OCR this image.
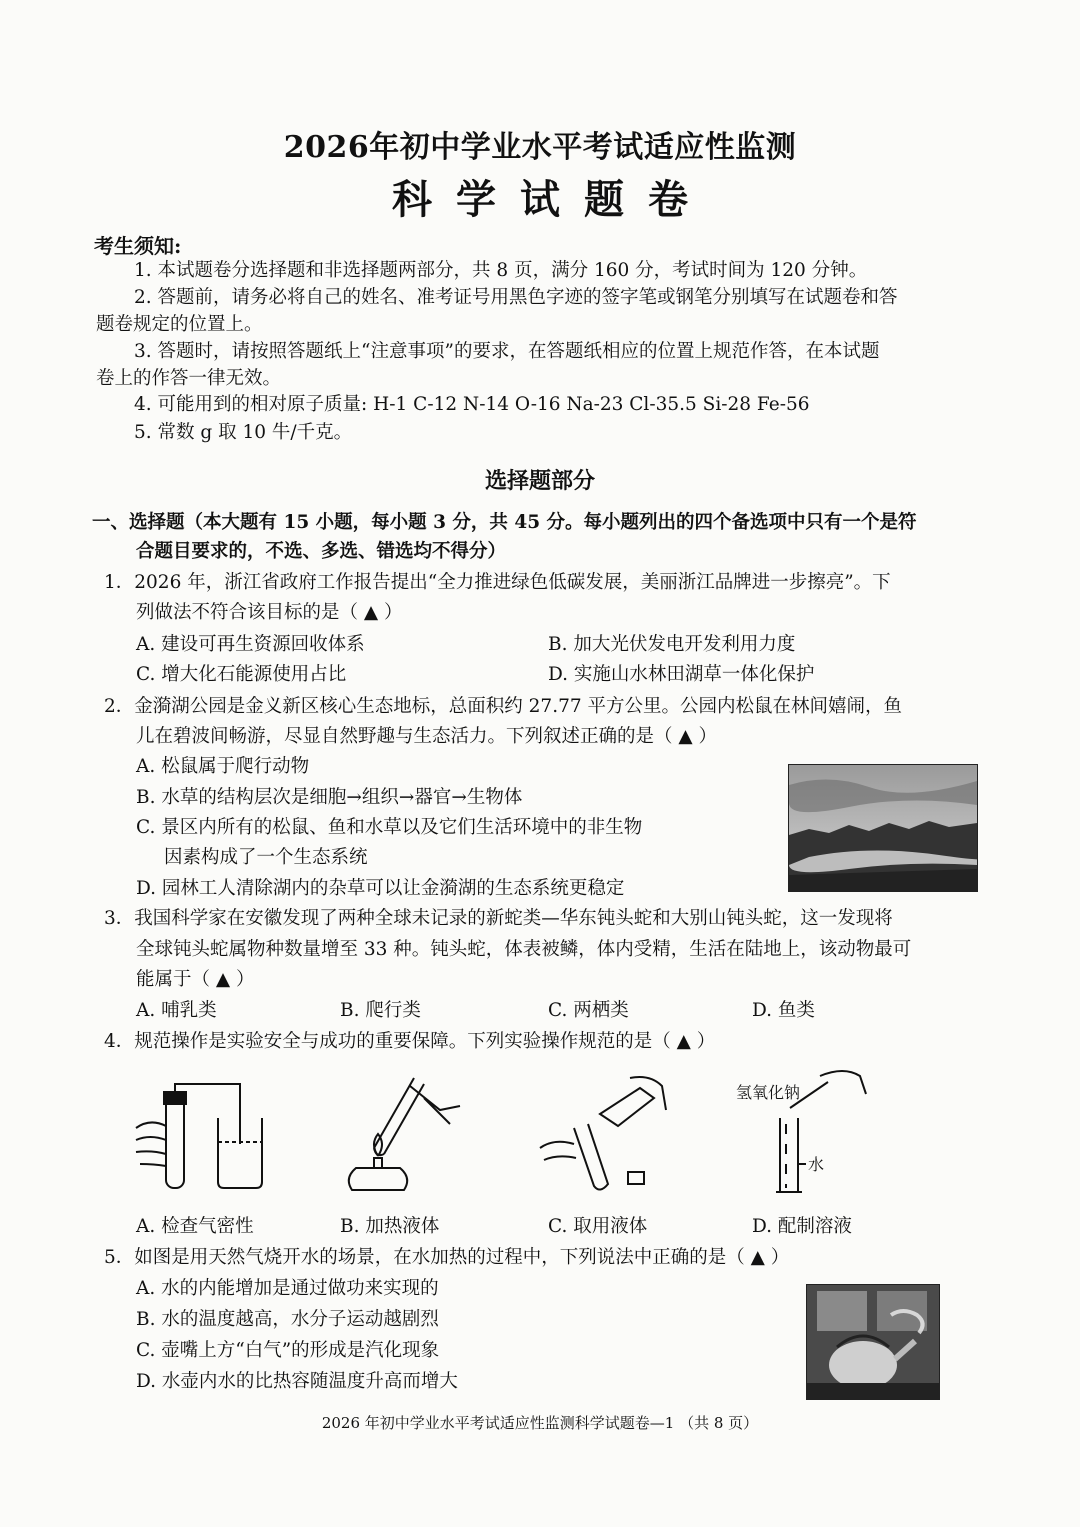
2026年初中学业水平考试适应性监测
科学试题卷
考生须知:
1. 本试题卷分选择题和非选择题两部分，共 8 页，满分 160 分，考试时间为 120 分钟。
2. 答题前，请务必将自己的姓名、准考证号用黑色字迹的签字笔或钢笔分别填写在试题卷和答
题卷规定的位置上。
3. 答题时，请按照答题纸上“注意事项”的要求，在答题纸相应的位置上规范作答，在本试题
卷上的作答一律无效。
4. 可能用到的相对原子质量: H-1 C-12 N-14 O-16 Na-23 Cl-35.5 Si-28 Fe-56
5. 常数 g 取 10 牛/千克。
选择题部分
一、选择题（本大题有 15 小题，每小题 3 分，共 45 分。每小题列出的四个备选项中只有一个是符
合题目要求的，不选、多选、错选均不得分）
1．2026 年，浙江省政府工作报告提出“全力推进绿色低碳发展，美丽浙江品牌进一步擦亮”。下
列做法不符合该目标的是（ ▲ ）
A. 建设可再生资源回收体系	B. 加大光伏发电开发利用力度
C. 增大化石能源使用占比	D. 实施山水林田湖草一体化保护
2．金漪湖公园是金义新区核心生态地标，总面积约 27.77 平方公里。公园内松鼠在林间嬉闹，鱼
儿在碧波间畅游，尽显自然野趣与生态活力。下列叙述正确的是（ ▲ ）
A. 松鼠属于爬行动物
B. 水草的结构层次是细胞→组织→器官→生物体
C. 景区内所有的松鼠、鱼和水草以及它们生活环境中的非生物
因素构成了一个生态系统
D. 园林工人清除湖内的杂草可以让金漪湖的生态系统更稳定
3．我国科学家在安徽发现了两种全球未记录的新蛇类—华东钝头蛇和大别山钝头蛇，这一发现将
全球钝头蛇属物种数量增至 33 种。钝头蛇，体表被鳞，体内受精，生活在陆地上，该动物最可
能属于（ ▲ ）
A. 哺乳类	B. 爬行类	C. 两栖类	D. 鱼类
4．规范操作是实验安全与成功的重要保障。下列实验操作规范的是（ ▲ ）
氢氧化钠
水
A. 检查气密性	B. 加热液体	C. 取用液体	D. 配制溶液
5．如图是用天然气烧开水的场景，在水加热的过程中，下列说法中正确的是（ ▲ ）
A. 水的内能增加是通过做功来实现的
B. 水的温度越高，水分子运动越剧烈
C. 壶嘴上方“白气”的形成是汽化现象
D. 水壶内水的比热容随温度升高而增大
2026 年初中学业水平考试适应性监测科学试题卷—1 （共 8 页）
